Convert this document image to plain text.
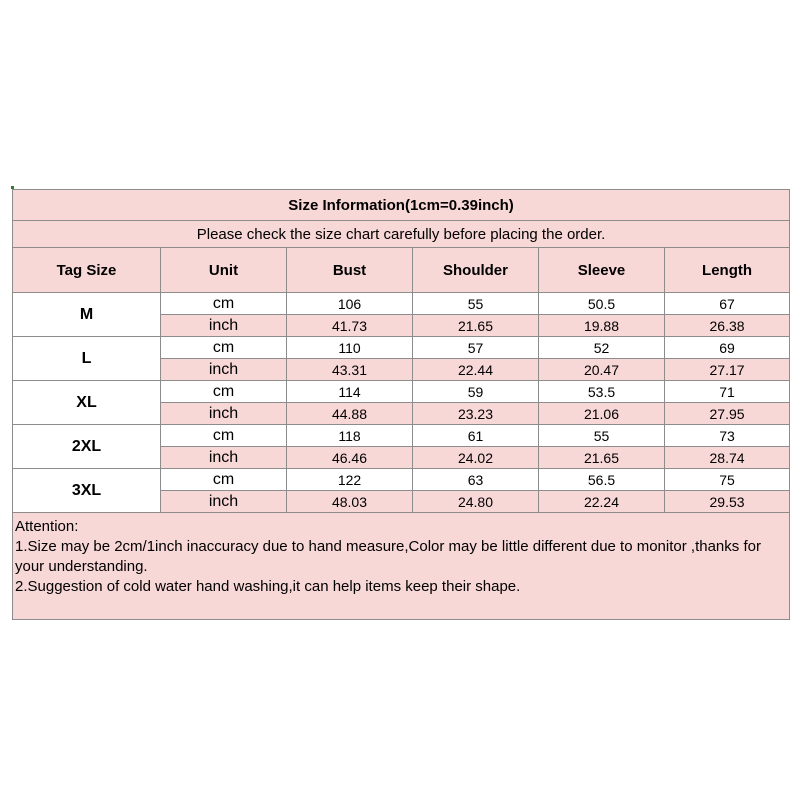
Size Information(1cm=0.39inch)					
Please check the size chart carefully before placing the order.					
Tag Size	Unit	Bust	Shoulder	Sleeve	Length
M	cm	106	55	50.5	67
	inch	41.73	21.65	19.88	26.38
L	cm	110	57	52	69
	inch	43.31	22.44	20.47	27.17
XL	cm	114	59	53.5	71
	inch	44.88	23.23	21.06	27.95
2XL	cm	118	61	55	73
	inch	46.46	24.02	21.65	28.74
3XL	cm	122	63	56.5	75
	inch	48.03	24.80	22.24	29.53

Attention:
1.Size may be 2cm/1inch inaccuracy due to hand measure,Color may be little different due to monitor ,thanks for your understanding.
2.Suggestion of cold water hand washing,it can help items keep their shape.					
